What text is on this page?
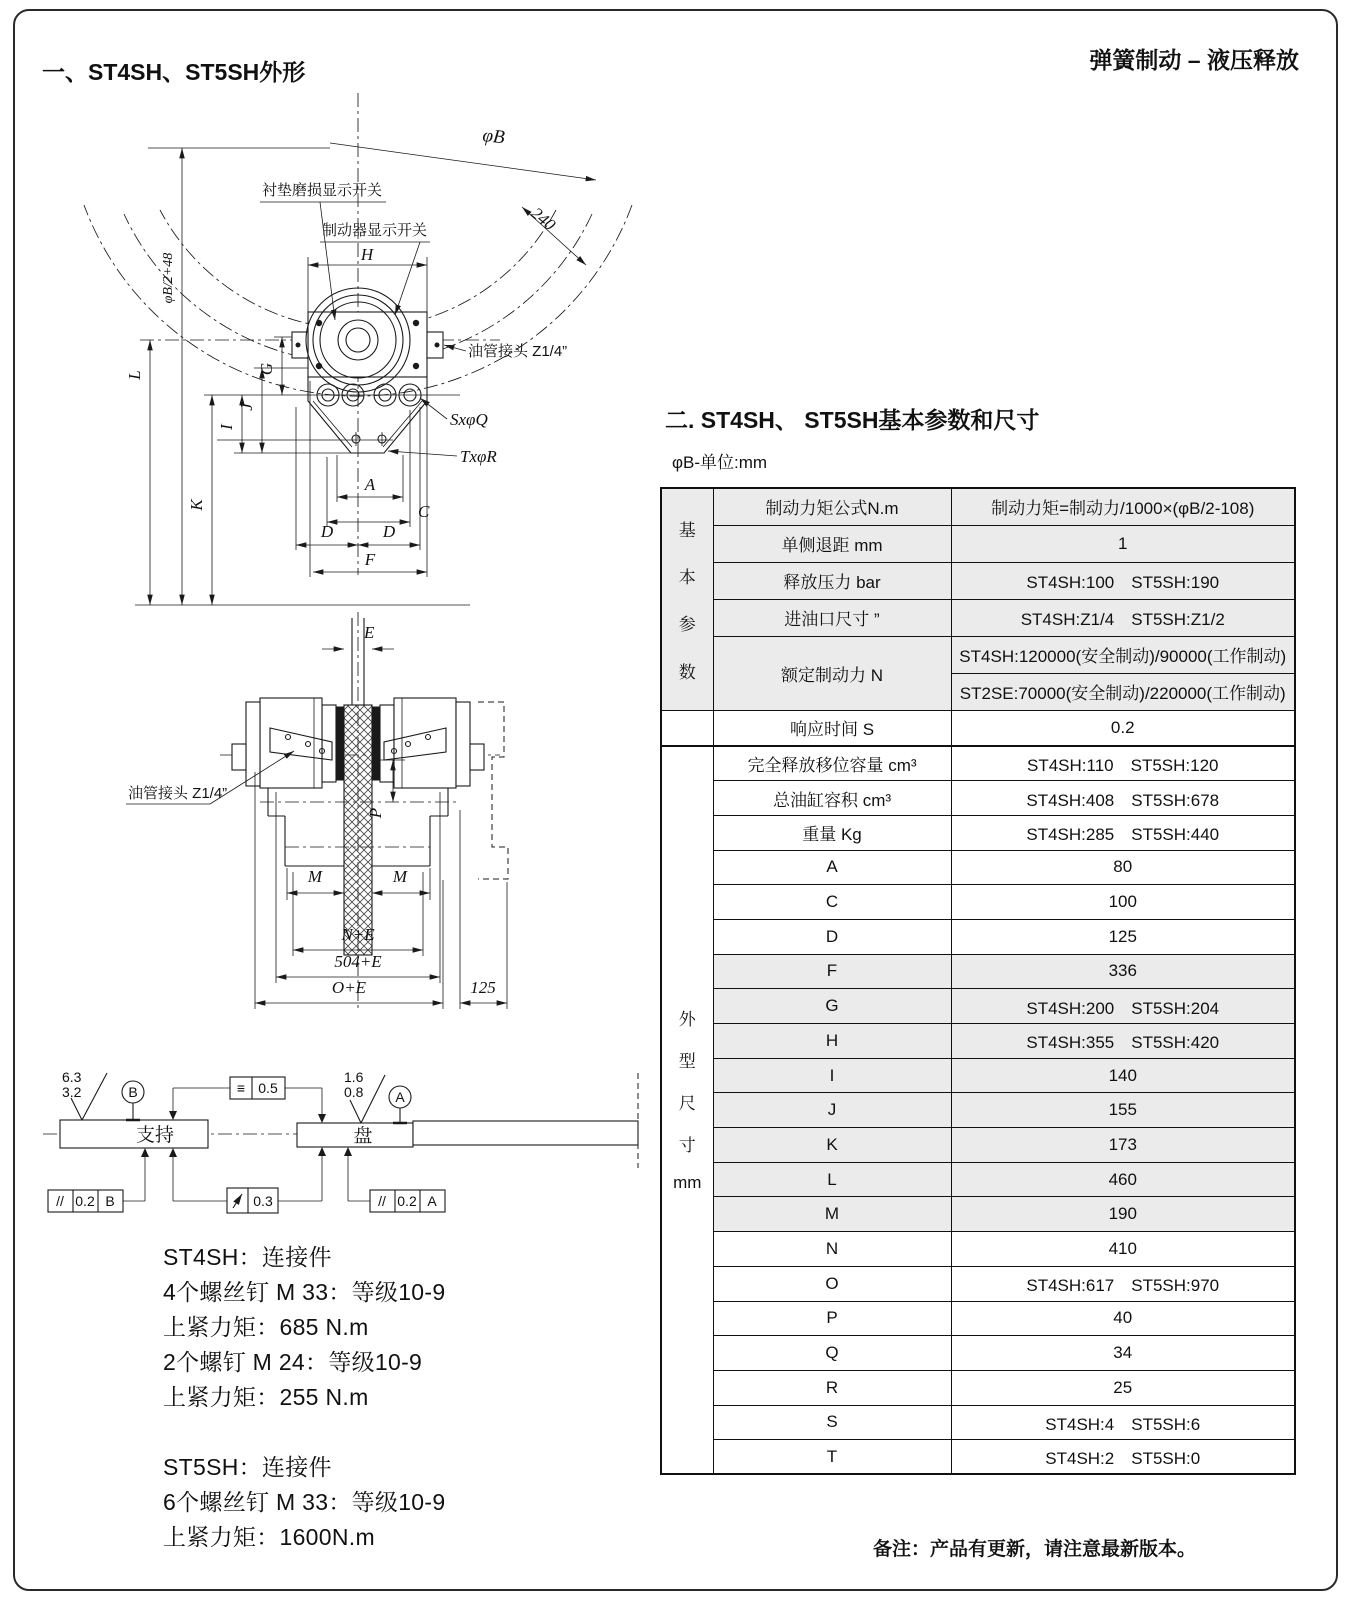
弹簧制动 – 液压释放
一、ST4SH、ST5SH外形
二. ST4SH、 ST5SH基本参数和尺寸
φB-单位:mm
φB
240
L
φB/2+48
K
I
J
G
H
衬垫磨损显示开关
制动器显示开关
油管接头 Z1/4”
SxφQ
TxφR
A
C
D	D
F
E
油管接头 Z1/4”
P
M	M
N+E
504+E
O+E	125
支持	盘
6.3
3.2	B	≡ 0.5
1.6
0.8 A
// 0.2 B	0.3	// 0.2 A
ST4SH：连接件
4个螺丝钉 M 33：等级10-9
上紧力矩：685 N.m
2个螺钉 M 24：等级10-9
上紧力矩：255 N.m
ST5SH：连接件
6个螺丝钉 M 33：等级10-9
上紧力矩：1600N.m
基
本
参
数	制动力矩公式N.m	制动力矩=制动力/1000×(φB/2-108)
	单侧退距 mm	1
	释放压力 bar	ST4SH:100　ST5SH:190
	进油口尺寸 ”	ST4SH:Z1/4　ST5SH:Z1/2
	额定制动力 N	ST4SH:120000(安全制动)/90000(工作制动)
		ST2SE:70000(安全制动)/220000(工作制动)
	响应时间 S	0.2

外
型
尺
寸
mm	完全释放移位容量 cm³	ST4SH:110　ST5SH:120
	总油缸容积 cm³	ST4SH:408　ST5SH:678
	重量 Kg	ST4SH:285　ST5SH:440
	A	80
	C	100
	D	125
	F	336
	G	ST4SH:200　ST5SH:204
	H	ST4SH:355　ST5SH:420
	I	140
	J	155
	K	173
	L	460
	M	190
	N	410
	O	ST4SH:617　ST5SH:970
	P	40
	Q	34
	R	25
	S	ST4SH:4　ST5SH:6
	T	ST4SH:2　ST5SH:0
备注：产品有更新，请注意最新版本。
